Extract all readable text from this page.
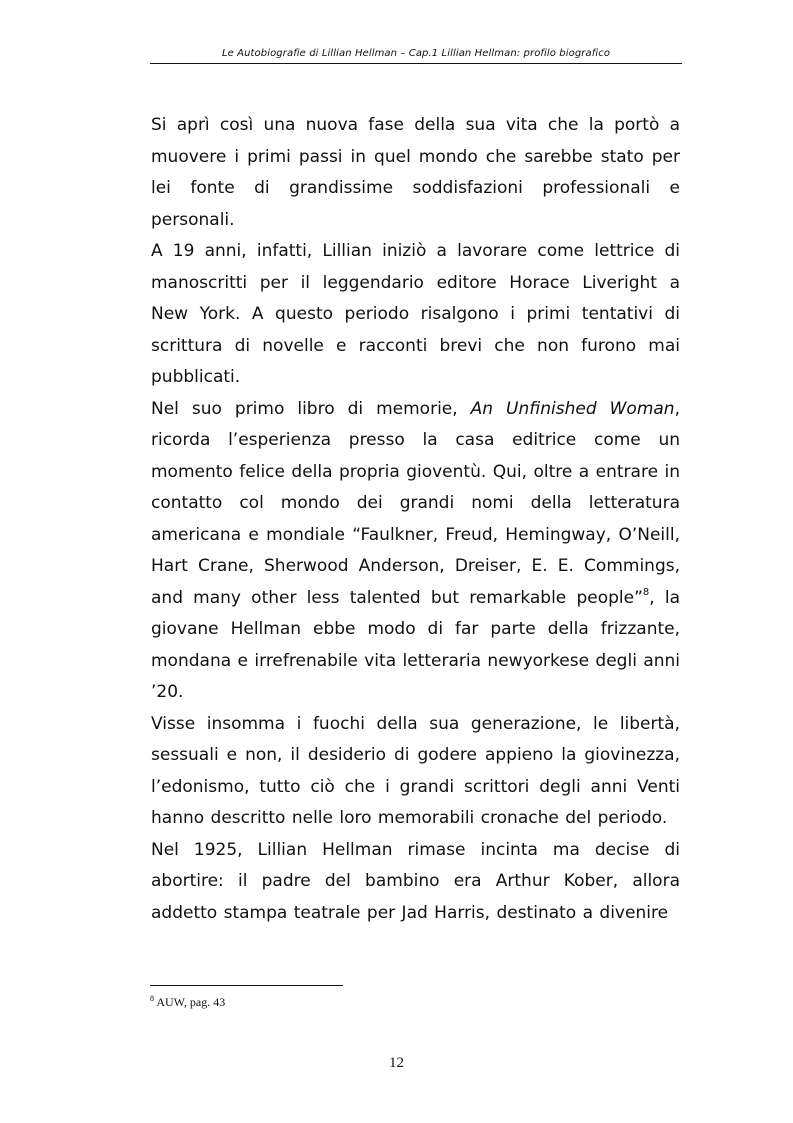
Le Autobiografie di Lillian Hellman – Cap.1 Lillian Hellman: profilo biografico

Si aprì così una nuova fase della sua vita che la portò a muovere i primi passi in quel mondo che sarebbe stato per lei fonte di grandissime soddisfazioni professionali e personali.

A 19 anni, infatti, Lillian iniziò a lavorare come lettrice di manoscritti per il leggendario editore Horace Liveright a New York. A questo periodo risalgono i primi tentativi di scrittura di novelle e racconti brevi che non furono mai pubblicati.

Nel suo primo libro di memorie, An Unfinished Woman, ricorda l’esperienza presso la casa editrice come un momento felice della propria gioventù. Qui, oltre a entrare in contatto col mondo dei grandi nomi della letteratura americana e mondiale “Faulkner, Freud, Hemingway, O’Neill, Hart Crane, Sherwood Anderson, Dreiser, E. E. Commings, and many other less talented but remarkable people”$^8$, la giovane Hellman ebbe modo di far parte della frizzante, mondana e irrefrenabile vita letteraria newyorkese degli anni ’20.

Visse insomma i fuochi della sua generazione, le libertà, sessuali e non, il desiderio di godere appieno la giovinezza, l’edonismo, tutto ciò che i grandi scrittori degli anni Venti hanno descritto nelle loro memorabili cronache del periodo.

Nel 1925, Lillian Hellman rimase incinta ma decise di abortire: il padre del bambino era Arthur Kober, allora addetto stampa teatrale per Jad Harris, destinato a divenire

$^8$ AUW, pag. 43
12
